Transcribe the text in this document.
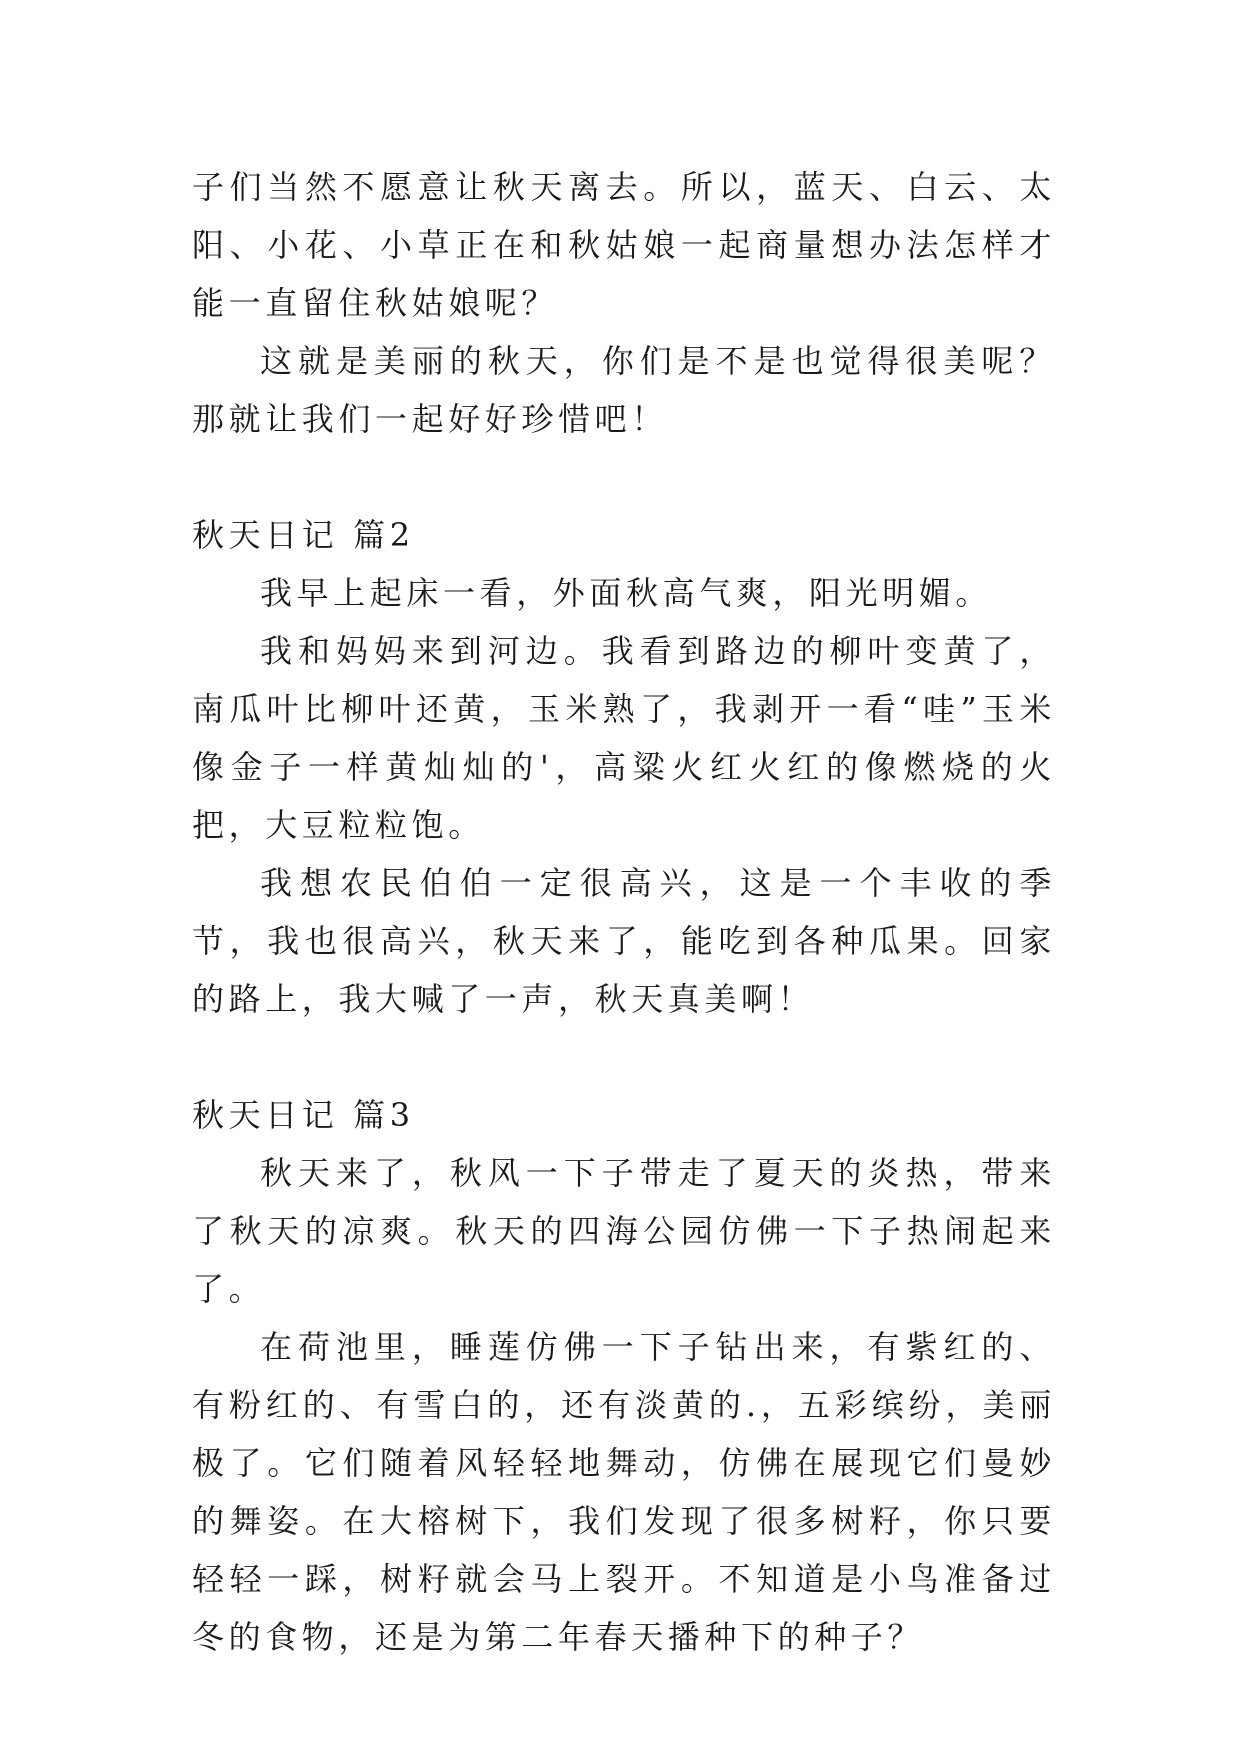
子们当然不愿意让秋天离去。所以，蓝天、白云、太阳、小花、小草正在和秋姑娘一起商量想办法怎样才能一直留住秋姑娘呢？

这就是美丽的秋天，你们是不是也觉得很美呢？那就让我们一起好好珍惜吧！

秋天日记 篇2

我早上起床一看，外面秋高气爽，阳光明媚。

我和妈妈来到河边。我看到路边的柳叶变黄了，南瓜叶比柳叶还黄，玉米熟了，我剥开一看“哇”玉米像金子一样黄灿灿的'，高粱火红火红的像燃烧的火把，大豆粒粒饱。

我想农民伯伯一定很高兴，这是一个丰收的季节，我也很高兴，秋天来了，能吃到各种瓜果。回家的路上，我大喊了一声，秋天真美啊！

秋天日记 篇3

秋天来了，秋风一下子带走了夏天的炎热，带来了秋天的凉爽。秋天的四海公园仿佛一下子热闹起来了。

在荷池里，睡莲仿佛一下子钻出来，有紫红的、有粉红的、有雪白的，还有淡黄的.，五彩缤纷，美丽极了。它们随着风轻轻地舞动，仿佛在展现它们曼妙的舞姿。在大榕树下，我们发现了很多树籽，你只要轻轻一踩，树籽就会马上裂开。不知道是小鸟准备过冬的食物，还是为第二年春天播种下的种子？
